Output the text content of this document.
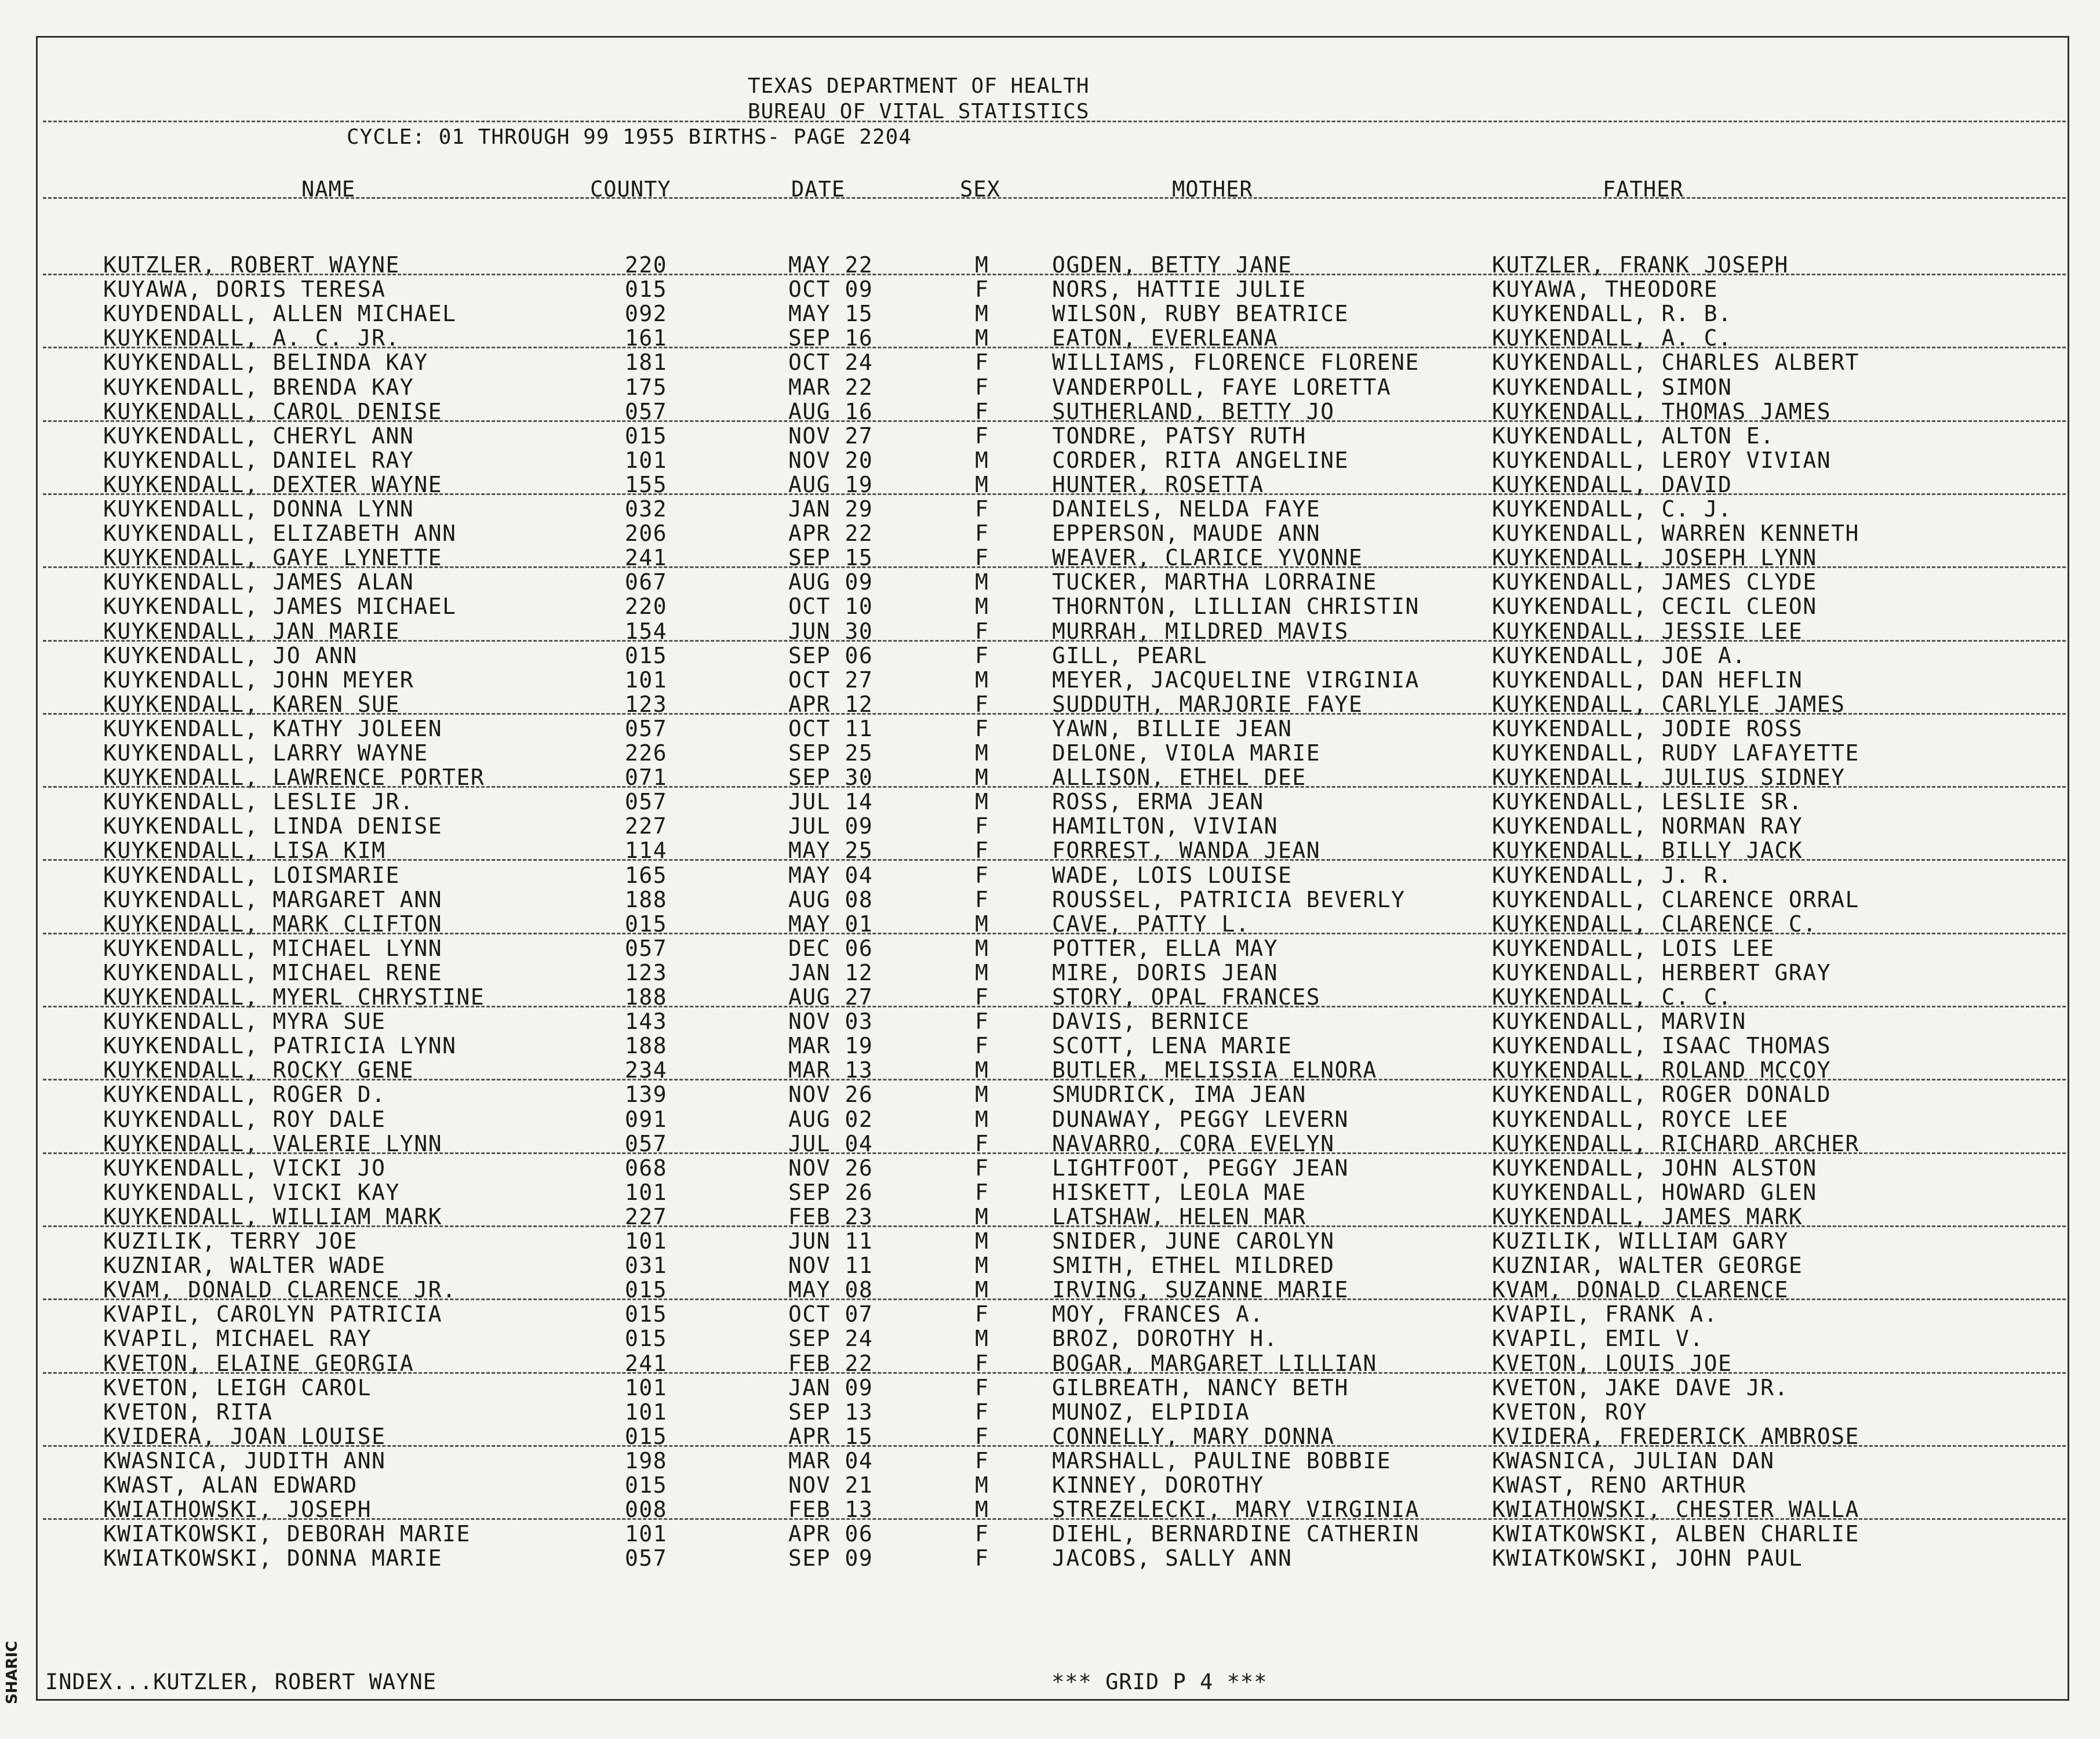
TEXAS DEPARTMENT OF HEALTH
BUREAU OF VITAL STATISTICS
CYCLE: 01 THROUGH 99 1955 BIRTHS- PAGE 2204
NAME	COUNTY	DATE	SEX	MOTHER	FATHER
KUTZLER, ROBERT WAYNE	220	MAY 22	M	OGDEN, BETTY JANE	KUTZLER, FRANK JOSEPH
KUYAWA, DORIS TERESA	015	OCT 09	F	NORS, HATTIE JULIE	KUYAWA, THEODORE
KUYDENDALL, ALLEN MICHAEL	092	MAY 15	M	WILSON, RUBY BEATRICE	KUYKENDALL, R. B.
KUYKENDALL, A. C. JR.	161	SEP 16	M	EATON, EVERLEANA	KUYKENDALL, A. C.
KUYKENDALL, BELINDA KAY	181	OCT 24	F	WILLIAMS, FLORENCE FLORENE	KUYKENDALL, CHARLES ALBERT
KUYKENDALL, BRENDA KAY	175	MAR 22	F	VANDERPOLL, FAYE LORETTA	KUYKENDALL, SIMON
KUYKENDALL, CAROL DENISE	057	AUG 16	F	SUTHERLAND, BETTY JO	KUYKENDALL, THOMAS JAMES
KUYKENDALL, CHERYL ANN	015	NOV 27	F	TONDRE, PATSY RUTH	KUYKENDALL, ALTON E.
KUYKENDALL, DANIEL RAY	101	NOV 20	M	CORDER, RITA ANGELINE	KUYKENDALL, LEROY VIVIAN
KUYKENDALL, DEXTER WAYNE	155	AUG 19	M	HUNTER, ROSETTA	KUYKENDALL, DAVID
KUYKENDALL, DONNA LYNN	032	JAN 29	F	DANIELS, NELDA FAYE	KUYKENDALL, C. J.
KUYKENDALL, ELIZABETH ANN	206	APR 22	F	EPPERSON, MAUDE ANN	KUYKENDALL, WARREN KENNETH
KUYKENDALL, GAYE LYNETTE	241	SEP 15	F	WEAVER, CLARICE YVONNE	KUYKENDALL, JOSEPH LYNN
KUYKENDALL, JAMES ALAN	067	AUG 09	M	TUCKER, MARTHA LORRAINE	KUYKENDALL, JAMES CLYDE
KUYKENDALL, JAMES MICHAEL	220	OCT 10	M	THORNTON, LILLIAN CHRISTIN	KUYKENDALL, CECIL CLEON
KUYKENDALL, JAN MARIE	154	JUN 30	F	MURRAH, MILDRED MAVIS	KUYKENDALL, JESSIE LEE
KUYKENDALL, JO ANN	015	SEP 06	F	GILL, PEARL	KUYKENDALL, JOE A.
KUYKENDALL, JOHN MEYER	101	OCT 27	M	MEYER, JACQUELINE VIRGINIA	KUYKENDALL, DAN HEFLIN
KUYKENDALL, KAREN SUE	123	APR 12	F	SUDDUTH, MARJORIE FAYE	KUYKENDALL, CARLYLE JAMES
KUYKENDALL, KATHY JOLEEN	057	OCT 11	F	YAWN, BILLIE JEAN	KUYKENDALL, JODIE ROSS
KUYKENDALL, LARRY WAYNE	226	SEP 25	M	DELONE, VIOLA MARIE	KUYKENDALL, RUDY LAFAYETTE
KUYKENDALL, LAWRENCE PORTER	071	SEP 30	M	ALLISON, ETHEL DEE	KUYKENDALL, JULIUS SIDNEY
KUYKENDALL, LESLIE JR.	057	JUL 14	M	ROSS, ERMA JEAN	KUYKENDALL, LESLIE SR.
KUYKENDALL, LINDA DENISE	227	JUL 09	F	HAMILTON, VIVIAN	KUYKENDALL, NORMAN RAY
KUYKENDALL, LISA KIM	114	MAY 25	F	FORREST, WANDA JEAN	KUYKENDALL, BILLY JACK
KUYKENDALL, LOISMARIE	165	MAY 04	F	WADE, LOIS LOUISE	KUYKENDALL, J. R.
KUYKENDALL, MARGARET ANN	188	AUG 08	F	ROUSSEL, PATRICIA BEVERLY	KUYKENDALL, CLARENCE ORRAL
KUYKENDALL, MARK CLIFTON	015	MAY 01	M	CAVE, PATTY L.	KUYKENDALL, CLARENCE C.
KUYKENDALL, MICHAEL LYNN	057	DEC 06	M	POTTER, ELLA MAY	KUYKENDALL, LOIS LEE
KUYKENDALL, MICHAEL RENE	123	JAN 12	M	MIRE, DORIS JEAN	KUYKENDALL, HERBERT GRAY
KUYKENDALL, MYERL CHRYSTINE	188	AUG 27	F	STORY, OPAL FRANCES	KUYKENDALL, C. C.
KUYKENDALL, MYRA SUE	143	NOV 03	F	DAVIS, BERNICE	KUYKENDALL, MARVIN
KUYKENDALL, PATRICIA LYNN	188	MAR 19	F	SCOTT, LENA MARIE	KUYKENDALL, ISAAC THOMAS
KUYKENDALL, ROCKY GENE	234	MAR 13	M	BUTLER, MELISSIA ELNORA	KUYKENDALL, ROLAND MCCOY
KUYKENDALL, ROGER D.	139	NOV 26	M	SMUDRICK, IMA JEAN	KUYKENDALL, ROGER DONALD
KUYKENDALL, ROY DALE	091	AUG 02	M	DUNAWAY, PEGGY LEVERN	KUYKENDALL, ROYCE LEE
KUYKENDALL, VALERIE LYNN	057	JUL 04	F	NAVARRO, CORA EVELYN	KUYKENDALL, RICHARD ARCHER
KUYKENDALL, VICKI JO	068	NOV 26	F	LIGHTFOOT, PEGGY JEAN	KUYKENDALL, JOHN ALSTON
KUYKENDALL, VICKI KAY	101	SEP 26	F	HISKETT, LEOLA MAE	KUYKENDALL, HOWARD GLEN
KUYKENDALL, WILLIAM MARK	227	FEB 23	M	LATSHAW, HELEN MAR	KUYKENDALL, JAMES MARK
KUZILIK, TERRY JOE	101	JUN 11	M	SNIDER, JUNE CAROLYN	KUZILIK, WILLIAM GARY
KUZNIAR, WALTER WADE	031	NOV 11	M	SMITH, ETHEL MILDRED	KUZNIAR, WALTER GEORGE
KVAM, DONALD CLARENCE JR.	015	MAY 08	M	IRVING, SUZANNE MARIE	KVAM, DONALD CLARENCE
KVAPIL, CAROLYN PATRICIA	015	OCT 07	F	MOY, FRANCES A.	KVAPIL, FRANK A.
KVAPIL, MICHAEL RAY	015	SEP 24	M	BROZ, DOROTHY H.	KVAPIL, EMIL V.
KVETON, ELAINE GEORGIA	241	FEB 22	F	BOGAR, MARGARET LILLIAN	KVETON, LOUIS JOE
KVETON, LEIGH CAROL	101	JAN 09	F	GILBREATH, NANCY BETH	KVETON, JAKE DAVE JR.
KVETON, RITA	101	SEP 13	F	MUNOZ, ELPIDIA	KVETON, ROY
KVIDERA, JOAN LOUISE	015	APR 15	F	CONNELLY, MARY DONNA	KVIDERA, FREDERICK AMBROSE
KWASNICA, JUDITH ANN	198	MAR 04	F	MARSHALL, PAULINE BOBBIE	KWASNICA, JULIAN DAN
KWAST, ALAN EDWARD	015	NOV 21	M	KINNEY, DOROTHY	KWAST, RENO ARTHUR
KWIATHOWSKI, JOSEPH	008	FEB 13	M	STREZELECKI, MARY VIRGINIA	KWIATHOWSKI, CHESTER WALLA
KWIATKOWSKI, DEBORAH MARIE	101	APR 06	F	DIEHL, BERNARDINE CATHERIN	KWIATKOWSKI, ALBEN CHARLIE
KWIATKOWSKI, DONNA MARIE	057	SEP 09	F	JACOBS, SALLY ANN	KWIATKOWSKI, JOHN PAUL
INDEX...KUTZLER, ROBERT WAYNE	*** GRID P 4 ***
SHARIC
